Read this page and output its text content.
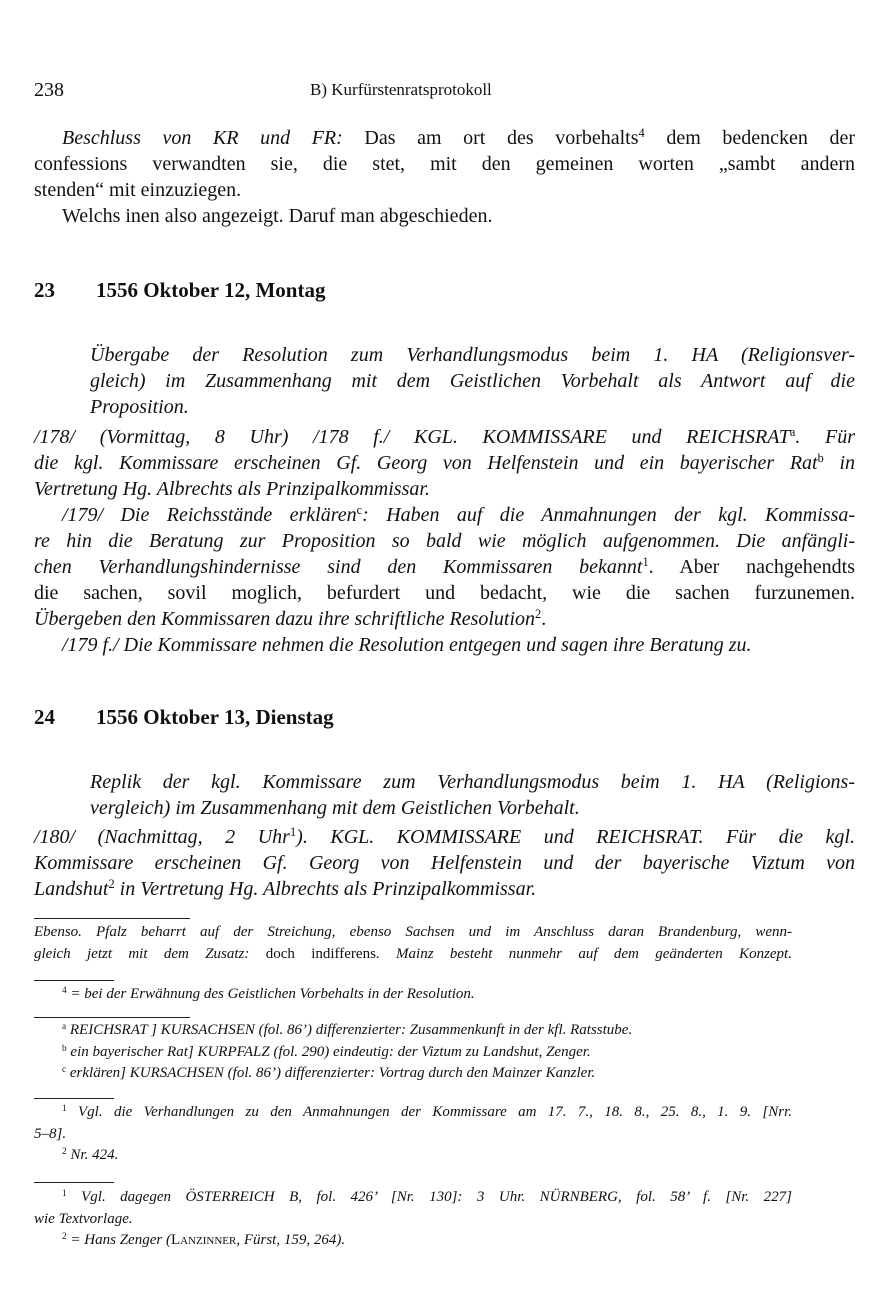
238	B) Kurfürstenratsprotokoll
Beschluss von KR und FR: Das am ort des vorbehalts$^4$ dem bedencken der
confessions verwandten sie, die stet, mit den gemeinen worten „sambt andern
stenden“ mit einzuziegen.
Welchs inen also angezeigt. Daruf man abgeschieden.
23 1556 Oktober 12, Montag
Übergabe der Resolution zum Verhandlungsmodus beim 1. HA (Religionsver-
gleich) im Zusammenhang mit dem Geistlichen Vorbehalt als Antwort auf die
Proposition.
/178/ (Vormittag, 8 Uhr) /178 f./ KGL. KOMMISSARE und REICHSRAT$^a$. Für
die kgl. Kommissare erscheinen Gf. Georg von Helfenstein und ein bayerischer Rat$^b$ in
Vertretung Hg. Albrechts als Prinzipalkommissar.
/179/ Die Reichsstände erklären$^c$: Haben auf die Anmahnungen der kgl. Kommissa-
re hin die Beratung zur Proposition so bald wie möglich aufgenommen. Die anfängli-
chen Verhandlungshindernisse sind den Kommissaren bekannt$^1$. Aber nachgehendts
die sachen, sovil moglich, befurdert und bedacht, wie die sachen furzunemen.
Übergeben den Kommissaren dazu ihre schriftliche Resolution$^2$.
/179 f./ Die Kommissare nehmen die Resolution entgegen und sagen ihre Beratung zu.
24 1556 Oktober 13, Dienstag
Replik der kgl. Kommissare zum Verhandlungsmodus beim 1. HA (Religions-
vergleich) im Zusammenhang mit dem Geistlichen Vorbehalt.
/180/ (Nachmittag, 2 Uhr$^1$). KGL. KOMMISSARE und REICHSRAT. Für die kgl.
Kommissare erscheinen Gf. Georg von Helfenstein und der bayerische Viztum von
Landshut$^2$ in Vertretung Hg. Albrechts als Prinzipalkommissar.
Ebenso. Pfalz beharrt auf der Streichung, ebenso Sachsen und im Anschluss daran Brandenburg, wenn-
gleich jetzt mit dem Zusatz: doch indifferens. Mainz besteht nunmehr auf dem geänderten Konzept.
$^4$ = bei der Erwähnung des Geistlichen Vorbehalts in der Resolution.
$^a$ REICHSRAT ] KURSACHSEN (fol. 86’) differenzierter: Zusammenkunft in der kfl. Ratsstube.
$^b$ ein bayerischer Rat] KURPFALZ (fol. 290) eindeutig: der Viztum zu Landshut, Zenger.
$^c$ erklären] KURSACHSEN (fol. 86’) differenzierter: Vortrag durch den Mainzer Kanzler.
$^1$ Vgl. die Verhandlungen zu den Anmahnungen der Kommissare am 17. 7., 18. 8., 25. 8., 1. 9. [Nrr.
5–8].
$^2$ Nr. 424.
$^1$ Vgl. dagegen ÖSTERREICH B, fol. 426’ [Nr. 130]: 3 Uhr. NÜRNBERG, fol. 58’ f. [Nr. 227]
wie Textvorlage.
$^2$ = Hans Zenger (Lanzinner, Fürst, 159, 264).
